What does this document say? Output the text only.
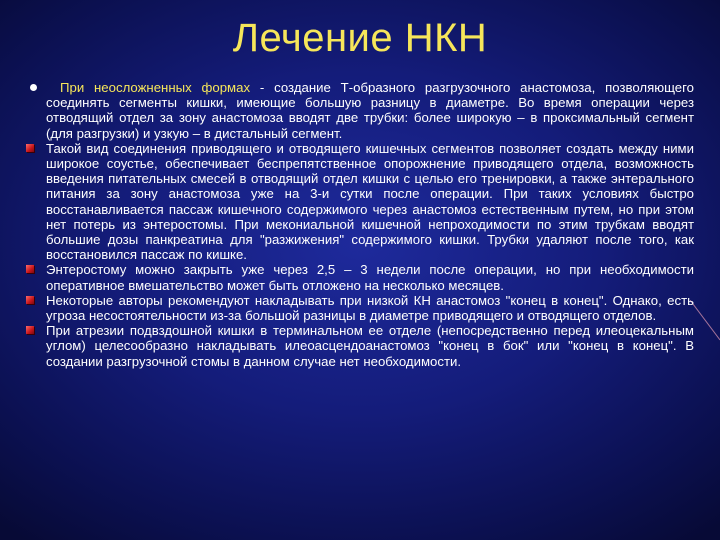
Лечение НКН
При неосложненных формах - создание Т-образного разгрузочного анастомоза, позволяющего соединять сегменты кишки, имеющие большую разницу в диаметре. Во время операции через отводящий отдел за зону анастомоза вводят две трубки: более широкую – в проксимальный сегмент (для разгрузки) и узкую – в дистальный сегмент.
Такой вид соединения приводящего и отводящего кишечных сегментов позволяет создать между ними широкое соустье, обеспечивает беспрепятственное опорожнение приводящего отдела, возможность введения питательных смесей в отводящий отдел кишки с целью его тренировки, а также энтерального питания за зону анастомоза уже на 3-и сутки после операции. При таких условиях быстро восстанавливается пассаж кишечного содержимого через анастомоз естественным путем, но при этом нет потерь из энтеростомы. При мекониальной кишечной непроходимости по этим трубкам вводят большие дозы панкреатина для "разжижения" содержимого кишки. Трубки удаляют после того, как восстановился пассаж по кишке.
Энтеростому можно закрыть уже через 2,5 – 3 недели после операции, но при необходимости оперативное вмешательство может быть отложено на несколько месяцев.
Некоторые авторы рекомендуют накладывать при низкой КН анастомоз "конец в конец". Однако, есть угроза несостоятельности из-за большой разницы в диаметре приводящего и отводящего отделов.
При атрезии подвздошной кишки в терминальном ее отделе (непосредственно перед илеоцекальным углом) целесообразно накладывать илеоасцендоанастомоз "конец в бок" или "конец в конец". В создании разгрузочной стомы в данном случае нет необходимости.
